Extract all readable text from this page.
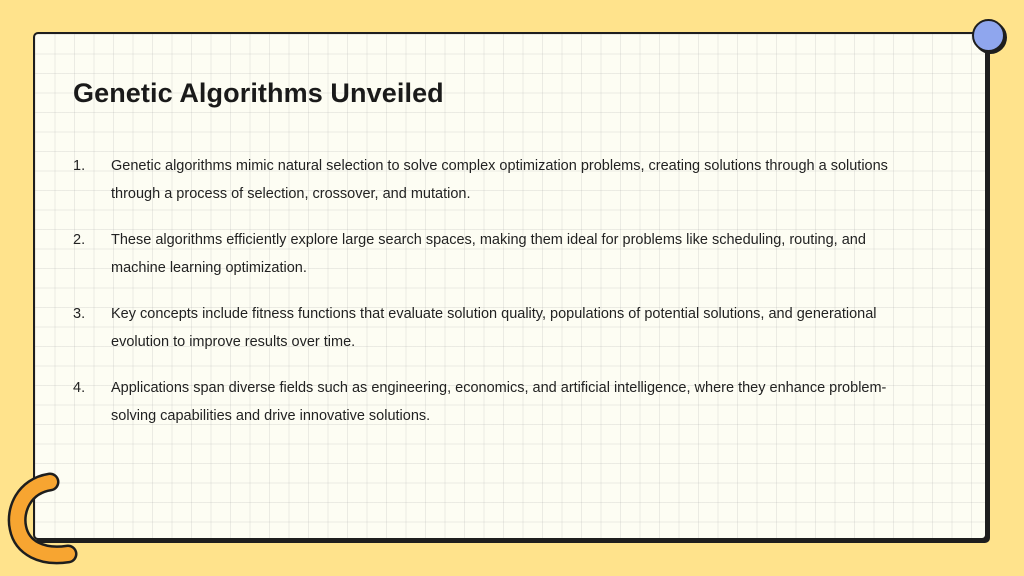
Genetic Algorithms Unveiled
1.	Genetic algorithms mimic natural selection to solve complex optimization problems, creating solutions through a solutions through a process of selection, crossover, and mutation.
2.	These algorithms efficiently explore large search spaces, making them ideal for problems like scheduling, routing, and machine learning optimization.
3.	Key concepts include fitness functions that evaluate solution quality, populations of potential solutions, and generational evolution to improve results over time.
4.	Applications span diverse fields such as engineering, economics, and artificial intelligence, where they enhance problem-solving capabilities and drive innovative solutions.
